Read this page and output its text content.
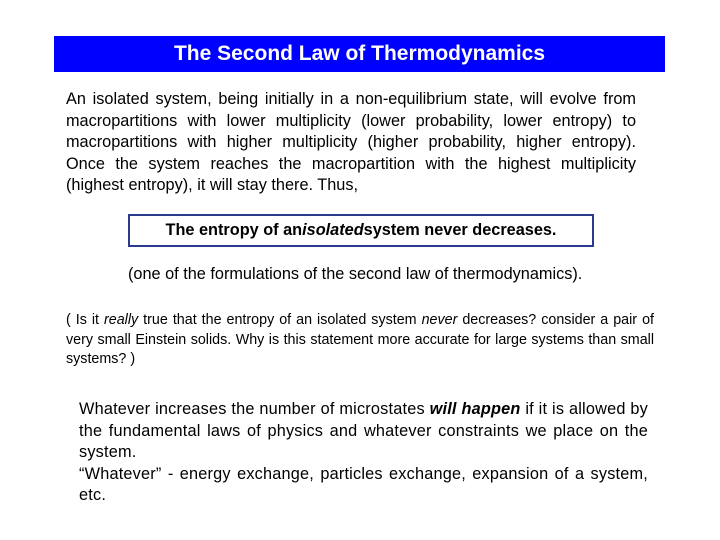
The Second Law of Thermodynamics

An isolated system, being initially in a non-equilibrium state, will evolve from macropartitions with lower multiplicity (lower probability, lower entropy) to macropartitions with higher multiplicity (higher probability, higher entropy). Once the system reaches the macropartition with the highest multiplicity (highest entropy), it will stay there. Thus,

The entropy of an isolated system never decreases.

(one of the formulations of the second law of thermodynamics).

( Is it really true that the entropy of an isolated system never decreases? consider a pair of very small Einstein solids. Why is this statement more accurate for large systems than small systems? )

Whatever increases the number of microstates will happen if it is allowed by the fundamental laws of physics and whatever constraints we place on the system.

“Whatever” - energy exchange, particles exchange, expansion of a system, etc.
